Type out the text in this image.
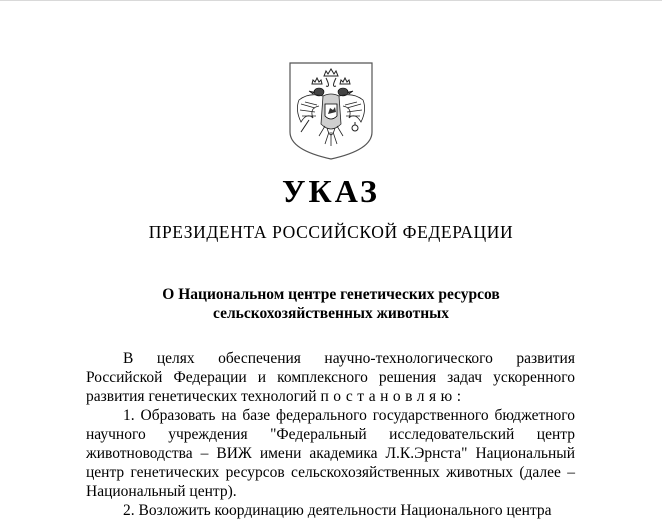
УКАЗ
ПРЕЗИДЕНТА РОССИЙСКОЙ ФЕДЕРАЦИИ
О Национальном центре генетических ресурсов
сельскохозяйственных животных

В целях обеспечения научно-технологического развития Российской Федерации и комплексного решения задач ускоренного развития генетических технологий постановляю:

1. Образовать на базе федерального государственного бюджетного научного учреждения "Федеральный исследовательский центр животноводства – ВИЖ имени академика Л.К.Эрнста" Национальный центр генетических ресурсов сельскохозяйственных животных (далее – Национальный центр).

2. Возложить координацию деятельности Национального центра
